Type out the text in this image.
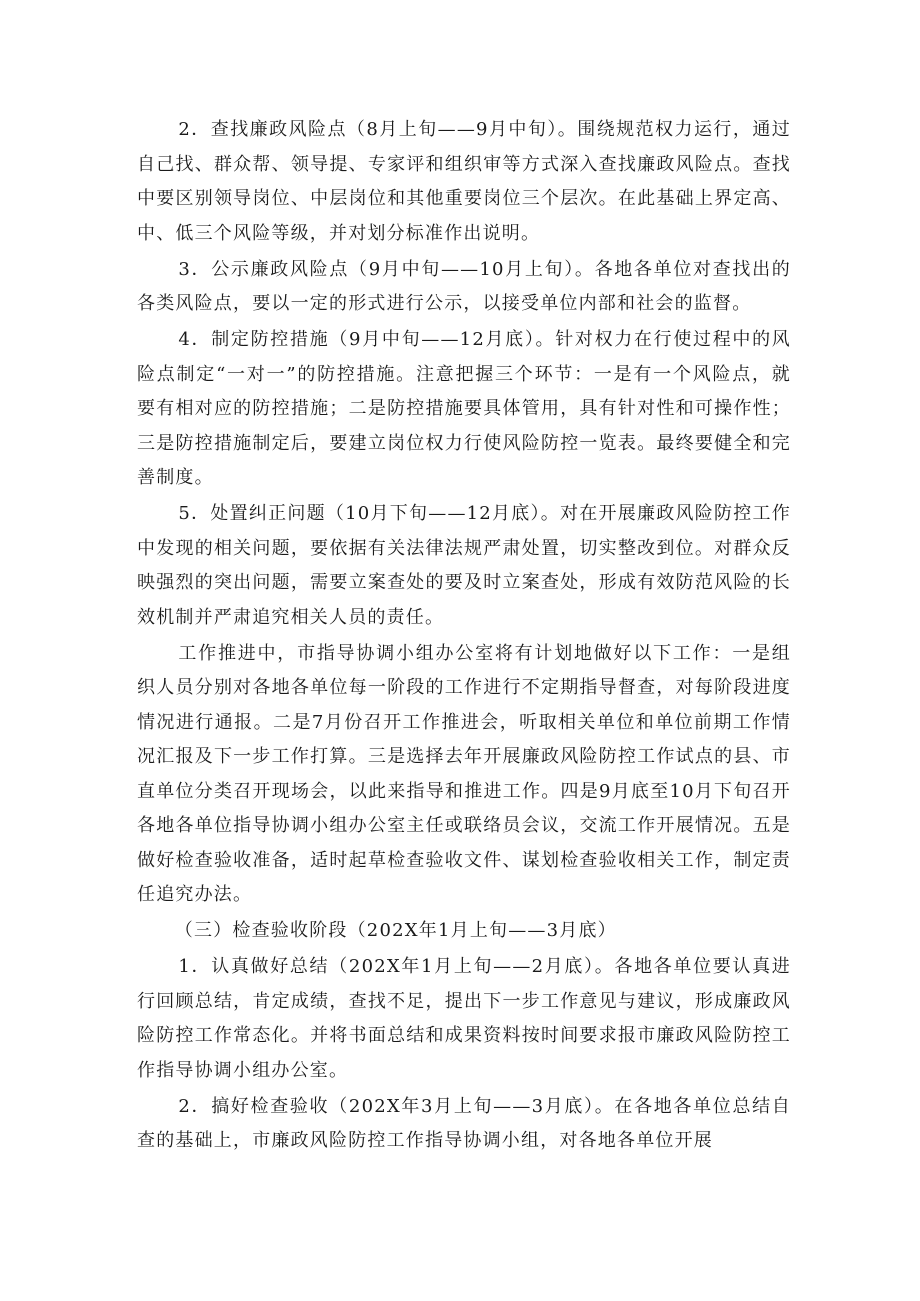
2．查找廉政风险点（8月上旬——9月中旬）。围绕规范权力运行，通过自己找、群众帮、领导提、专家评和组织审等方式深入查找廉政风险点。查找中要区别领导岗位、中层岗位和其他重要岗位三个层次。在此基础上界定高、中、低三个风险等级，并对划分标准作出说明。

3．公示廉政风险点（9月中旬——10月上旬）。各地各单位对查找出的各类风险点，要以一定的形式进行公示，以接受单位内部和社会的监督。

4．制定防控措施（9月中旬——12月底）。针对权力在行使过程中的风险点制定“一对一”的防控措施。注意把握三个环节：一是有一个风险点，就要有相对应的防控措施；二是防控措施要具体管用，具有针对性和可操作性；三是防控措施制定后，要建立岗位权力行使风险防控一览表。最终要健全和完善制度。

5．处置纠正问题（10月下旬——12月底）。对在开展廉政风险防控工作中发现的相关问题，要依据有关法律法规严肃处置，切实整改到位。对群众反映强烈的突出问题，需要立案查处的要及时立案查处，形成有效防范风险的长效机制并严肃追究相关人员的责任。

工作推进中，市指导协调小组办公室将有计划地做好以下工作：一是组织人员分别对各地各单位每一阶段的工作进行不定期指导督查，对每阶段进度情况进行通报。二是7月份召开工作推进会，听取相关单位和单位前期工作情况汇报及下一步工作打算。三是选择去年开展廉政风险防控工作试点的县、市直单位分类召开现场会，以此来指导和推进工作。四是9月底至10月下旬召开各地各单位指导协调小组办公室主任或联络员会议，交流工作开展情况。五是做好检查验收准备，适时起草检查验收文件、谋划检查验收相关工作，制定责任追究办法。

（三）检查验收阶段（202X年1月上旬——3月底）

1．认真做好总结（202X年1月上旬——2月底）。各地各单位要认真进行回顾总结，肯定成绩，查找不足，提出下一步工作意见与建议，形成廉政风险防控工作常态化。并将书面总结和成果资料按时间要求报市廉政风险防控工作指导协调小组办公室。

2．搞好检查验收（202X年3月上旬——3月底）。在各地各单位总结自查的基础上，市廉政风险防控工作指导协调小组，对各地各单位开展
